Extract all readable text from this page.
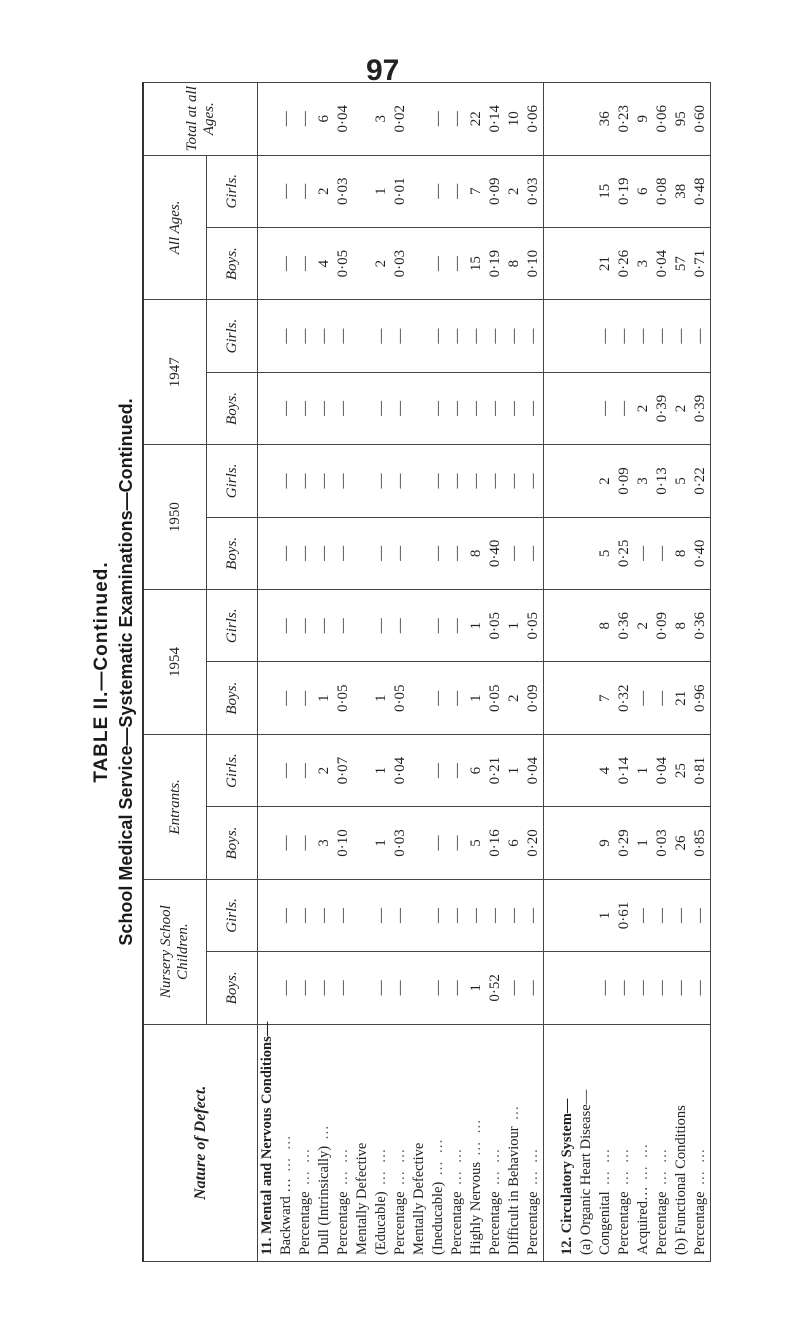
97
TABLE II.—Continued. School Medical Service—Systematic Examinations—Continued.
Nature of Defect.	Nursery School Children.		Entrants.		1954		1950		1947		All Ages.		Total at all Ages.
	Boys.	Girls.	Boys.	Girls.	Boys.	Girls.	Boys.	Girls.	Boys.	Girls.	Boys.	Girls.	
11. Mental and Nervous Conditions—													
Backward …… …	—	—	—	—	—	—	—	—	—	—	—	—	—
Percentage… …	—	—	—	—	—	—	—	—	—	—	—	—	—
Dull (Intrinsically)…	—	—	3	2	1	—	—	—	—	—	4	2	6
Percentage… …	—	—	0·10	0·07	0·05	—	—	—	—	—	0·05	0·03	0·04
Mentally Defective													
(Educable)… …	—	—	1	1	1	—	—	—	—	—	2	1	3
Percentage… …	—	—	0·03	0·04	0·05	—	—	—	—	—	0·03	0·01	0·02
Mentally Defective													
(Ineducable)… …	—	—	—	—	—	—	—	—	—	—	—	—	—
Percentage… …	—	—	—	—	—	—	—	—	—	—	—	—	—
Highly Nervous… …	1	—	5	6	1	1	8	—	—	—	15	7	22
Percentage… …	0·52	—	0·16	0·21	0·05	0·05	0·40	—	—	—	0·19	0·09	0·14
Difficult in Behaviour…	—	—	6	1	2	1	—	—	—	—	8	2	10
Percentage… …	—	—	0·20	0·04	0·09	0·05	—	—	—	—	0·10	0·03	0·06

12. Circulatory System—													
(a) Organic Heart Disease—													
Congenital… …	—	1	9	4	7	8	5	2	—	—	21	15	36
Percentage… …	—	0·61	0·29	0·14	0·32	0·36	0·25	0·09	—	—	0·26	0·19	0·23
Acquired…… …	—	—	1	1	—	2	—	3	2	—	3	6	9
Percentage… …	—	—	0·03	0·04	—	0·09	—	0·13	0·39	—	0·04	0·08	0·06
(b) Functional Conditions	—	—	26	25	21	8	8	5	2	—	57	38	95
Percentage… …	—	—	0·85	0·81	0·96	0·36	0·40	0·22	0·39	—	0·71	0·48	0·60
